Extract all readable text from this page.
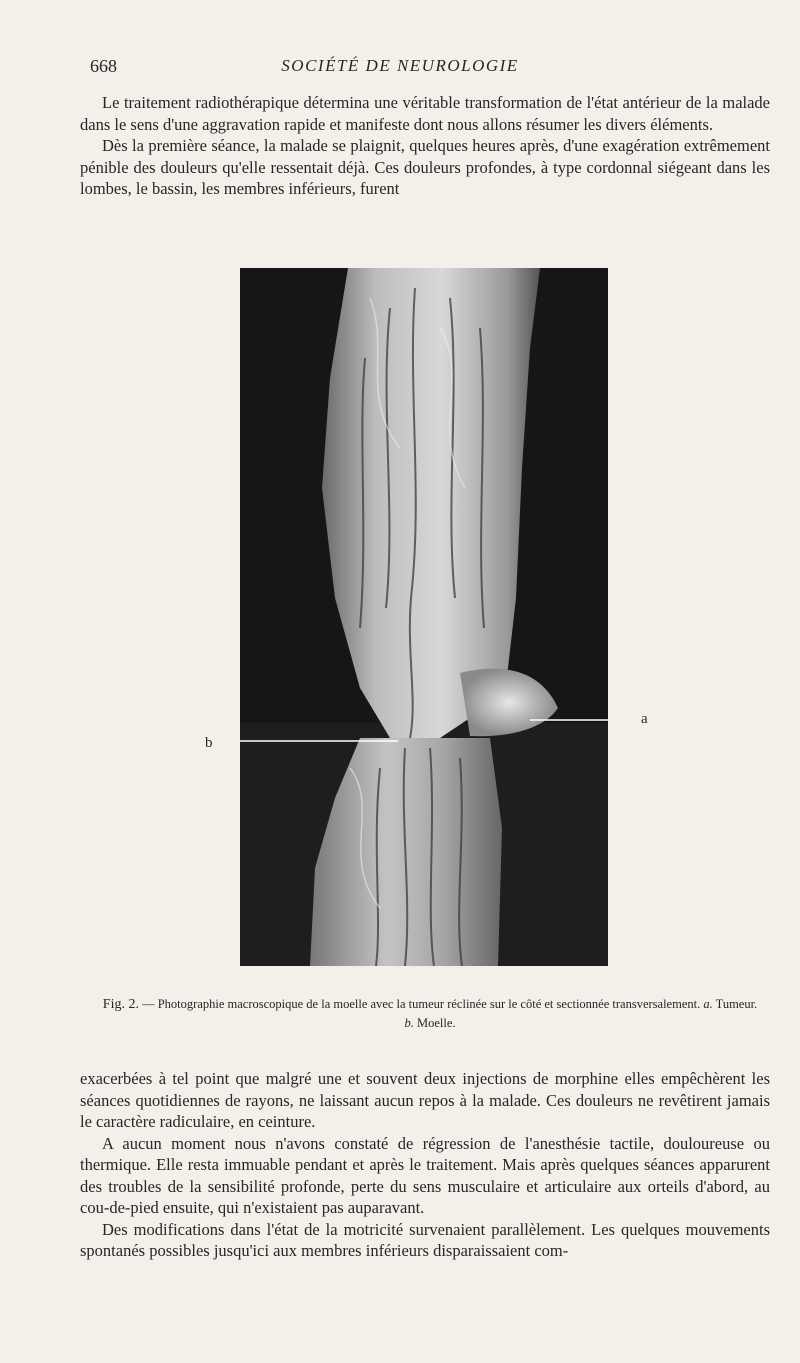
668	SOCIÉTÉ DE NEUROLOGIE

Le traitement radiothérapique détermina une véritable transformation de l'état antérieur de la malade dans le sens d'une aggravation rapide et manifeste dont nous allons résumer les divers éléments.

Dès la première séance, la malade se plaignit, quelques heures après, d'une exagération extrêmement pénible des douleurs qu'elle ressentait déjà. Ces douleurs profondes, à type cordonnal siégeant dans les lombes, le bassin, les membres inférieurs, furent

a
b
Fig. 2. — Photographie macroscopique de la moelle avec la tumeur réclinée sur le côté et sectionnée transversalement. a. Tumeur. b. Moelle.

exacerbées à tel point que malgré une et souvent deux injections de morphine elles empêchèrent les séances quotidiennes de rayons, ne laissant aucun repos à la malade. Ces douleurs ne revêtirent jamais le caractère radiculaire, en ceinture.

A aucun moment nous n'avons constaté de régression de l'anesthésie tactile, douloureuse ou thermique. Elle resta immuable pendant et après le traitement. Mais après quelques séances apparurent des troubles de la sensibilité profonde, perte du sens musculaire et articulaire aux orteils d'abord, au cou-de-pied ensuite, qui n'existaient pas auparavant.

Des modifications dans l'état de la motricité survenaient parallèlement. Les quelques mouvements spontanés possibles jusqu'ici aux membres inférieurs disparaissaient com-
